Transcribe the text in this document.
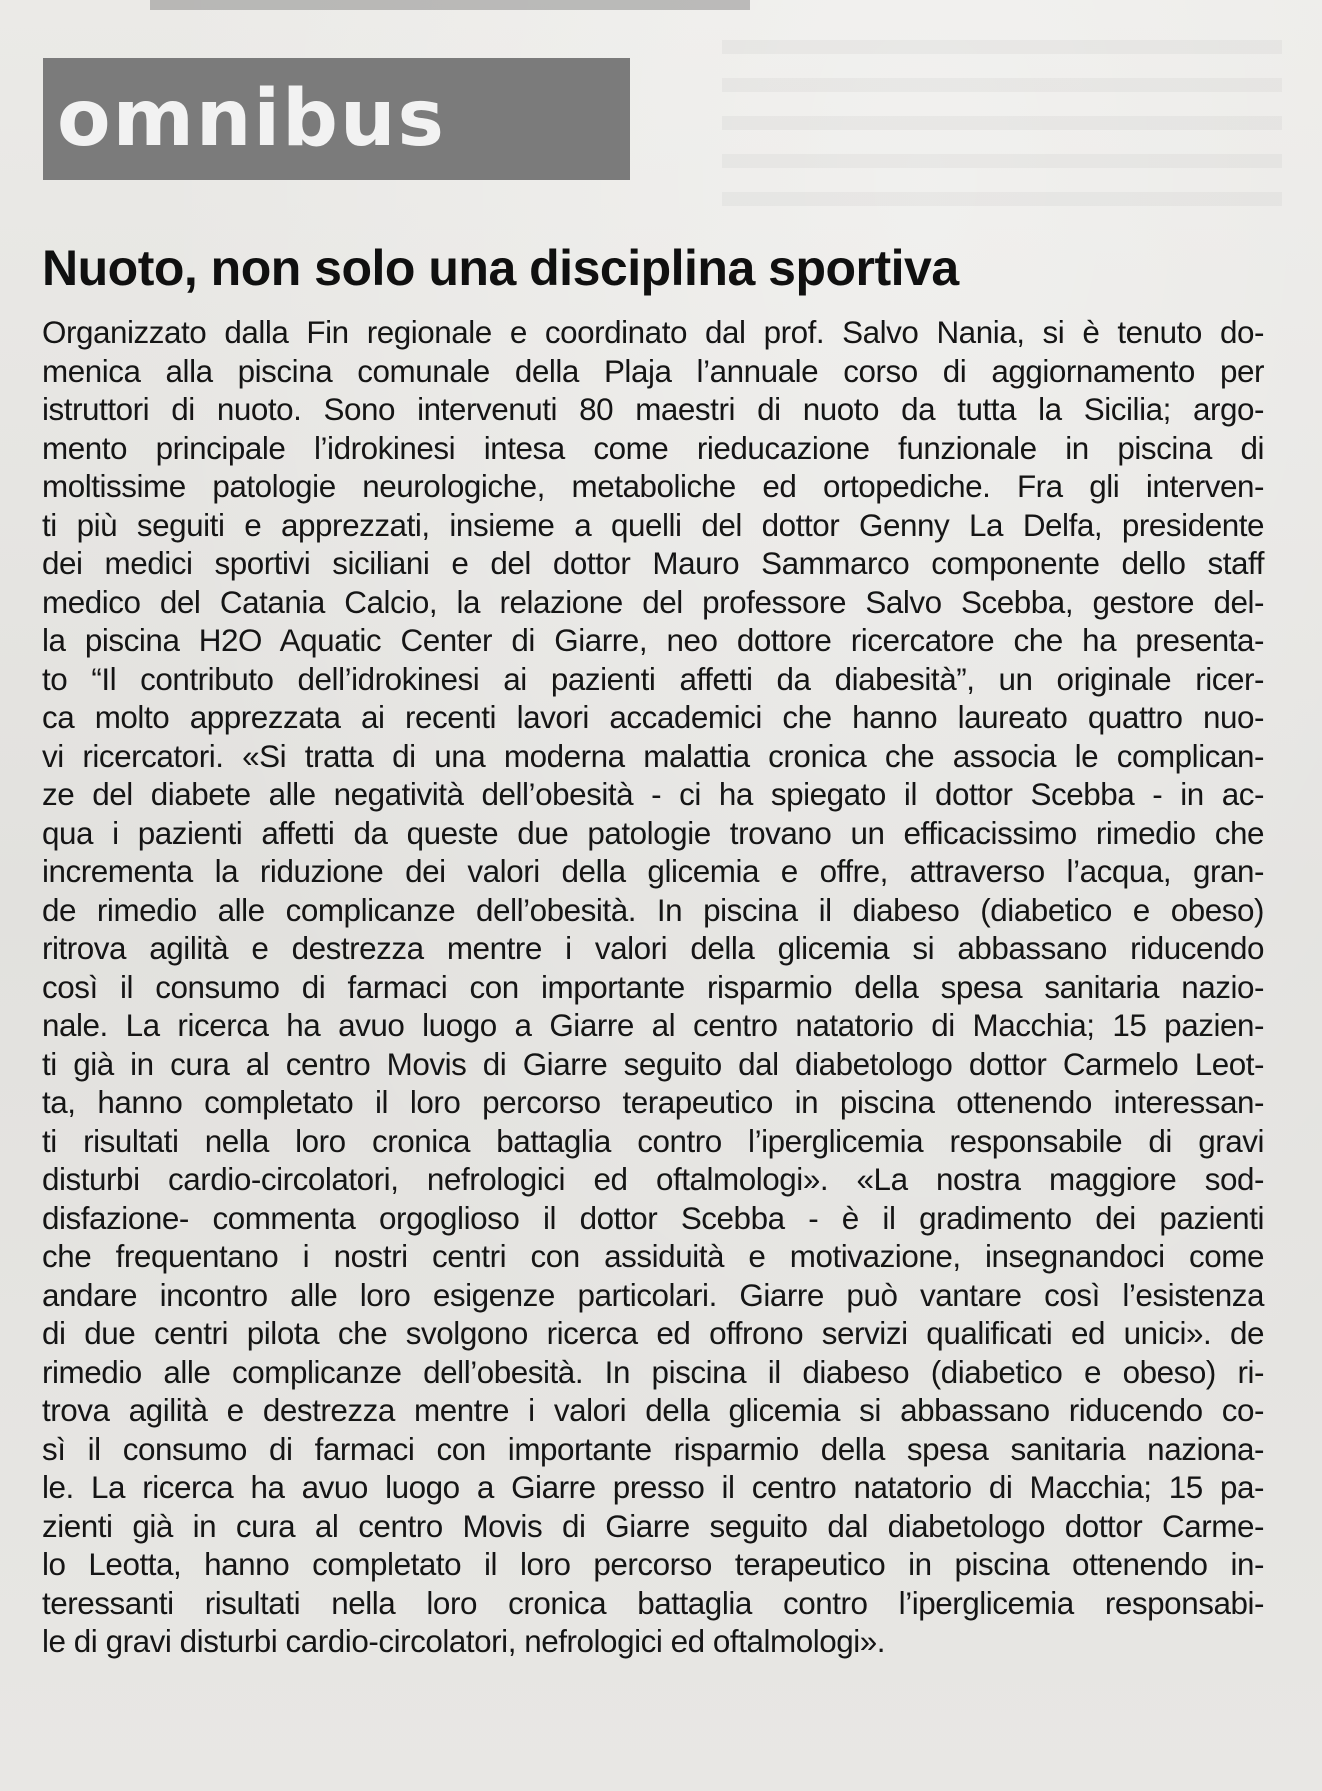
omnibus
Nuoto, non solo una disciplina sportiva
Organizzato dalla Fin regionale e coordinato dal prof. Salvo Nania, si è tenuto do-
menica alla piscina comunale della Plaja l’annuale corso di aggiornamento per
istruttori di nuoto. Sono intervenuti 80 maestri di nuoto da tutta la Sicilia; argo-
mento principale l’idrokinesi intesa come rieducazione funzionale in piscina di
moltissime patologie neurologiche, metaboliche ed ortopediche. Fra gli interven-
ti più seguiti e apprezzati, insieme a quelli del dottor Genny La Delfa, presidente
dei medici sportivi siciliani e del dottor Mauro Sammarco componente dello staff
medico del Catania Calcio, la relazione del professore Salvo Scebba, gestore del-
la piscina H2O Aquatic Center di Giarre, neo dottore ricercatore che ha presenta-
to “Il contributo dell’idrokinesi ai pazienti affetti da diabesità”, un originale ricer-
ca molto apprezzata ai recenti lavori accademici che hanno laureato quattro nuo-
vi ricercatori. «Si tratta di una moderna malattia cronica che associa le complican-
ze del diabete alle negatività dell’obesità - ci ha spiegato il dottor Scebba - in ac-
qua i pazienti affetti da queste due patologie trovano un efficacissimo rimedio che
incrementa la riduzione dei valori della glicemia e offre, attraverso l’acqua, gran-
de rimedio alle complicanze dell’obesità. In piscina il diabeso (diabetico e obeso)
ritrova agilità e destrezza mentre i valori della glicemia si abbassano riducendo
così il consumo di farmaci con importante risparmio della spesa sanitaria nazio-
nale. La ricerca ha avuo luogo a Giarre al centro natatorio di Macchia; 15 pazien-
ti già in cura al centro Movis di Giarre seguito dal diabetologo dottor Carmelo Leot-
ta, hanno completato il loro percorso terapeutico in piscina ottenendo interessan-
ti risultati nella loro cronica battaglia contro l’iperglicemia responsabile di gravi
disturbi cardio-circolatori, nefrologici ed oftalmologi». «La nostra maggiore sod-
disfazione- commenta orgoglioso il dottor Scebba - è il gradimento dei pazienti
che frequentano i nostri centri con assiduità e motivazione, insegnandoci come
andare incontro alle loro esigenze particolari. Giarre può vantare così l’esistenza
di due centri pilota che svolgono ricerca ed offrono servizi qualificati ed unici». de
rimedio alle complicanze dell’obesità. In piscina il diabeso (diabetico e obeso) ri-
trova agilità e destrezza mentre i valori della glicemia si abbassano riducendo co-
sì il consumo di farmaci con importante risparmio della spesa sanitaria naziona-
le. La ricerca ha avuo luogo a Giarre presso il centro natatorio di Macchia; 15 pa-
zienti già in cura al centro Movis di Giarre seguito dal diabetologo dottor Carme-
lo Leotta, hanno completato il loro percorso terapeutico in piscina ottenendo in-
teressanti risultati nella loro cronica battaglia contro l’iperglicemia responsabi-
le di gravi disturbi cardio-circolatori, nefrologici ed oftalmologi».
